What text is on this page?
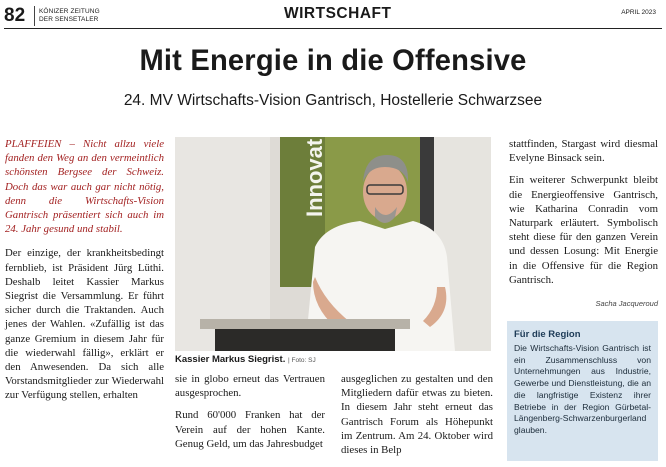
82 KÖNIZER ZEITUNG
DER SENSETALER	WIRTSCHAFT	APRIL 2023
Mit Energie in die Offensive
24. MV Wirtschafts-Vision Gantrisch, Hostellerie Schwarzsee

PLAFFEIEN – Nicht allzu viele fanden den Weg an den vermeintlich schönsten Bergsee der Schweiz. Doch das war auch gar nicht nötig, denn die Wirtschafts-Vision Gantrisch präsentiert sich auch im 24. Jahr gesund und stabil.

Der einzige, der krankheitsbedingt fernblieb, ist Präsident Jürg Lüthi. Deshalb leitet Kassier Markus Siegrist die Versammlung. Er führt sicher durch die Traktanden. Auch jenes der Wahlen. «Zufällig ist das ganze Gremium in diesem Jahr für die wiederwahl fällig», erklärt er den Anwesenden. Da sich alle Vorstandsmitglieder zur Wiederwahl zur Verfügung stellen, erhalten

Innovat
Kassier Markus Siegrist. | Foto: SJ

sie in globo erneut das Vertrauen ausgesprochen.

Rund 60'000 Franken hat der Verein auf der hohen Kante. Genug Geld, um das Jahresbudget

ausgeglichen zu gestalten und den Mitgliedern dafür etwas zu bieten. In diesem Jahr steht erneut das Gantrisch Forum als Höhepunkt im Zentrum. Am 24. Oktober wird dieses in Belp

stattfinden, Stargast wird diesmal Evelyne Binsack sein.

Ein weiterer Schwerpunkt bleibt die Energieoffensive Gantrisch, wie Katharina Conradin vom Naturpark erläutert. Symbolisch steht diese für den ganzen Verein und dessen Losung: Mit Energie in die Offensive für die Region Gantrisch.

Sacha Jacqueroud
Für die Region
Die Wirtschafts-Vision Gantrisch ist ein Zusammenschluss von Unternehmungen aus Industrie, Gewerbe und Dienstleistung, die an die langfristige Existenz ihrer Betriebe in der Region Gürbetal-Längenberg-Schwarzenburgerland glauben.
